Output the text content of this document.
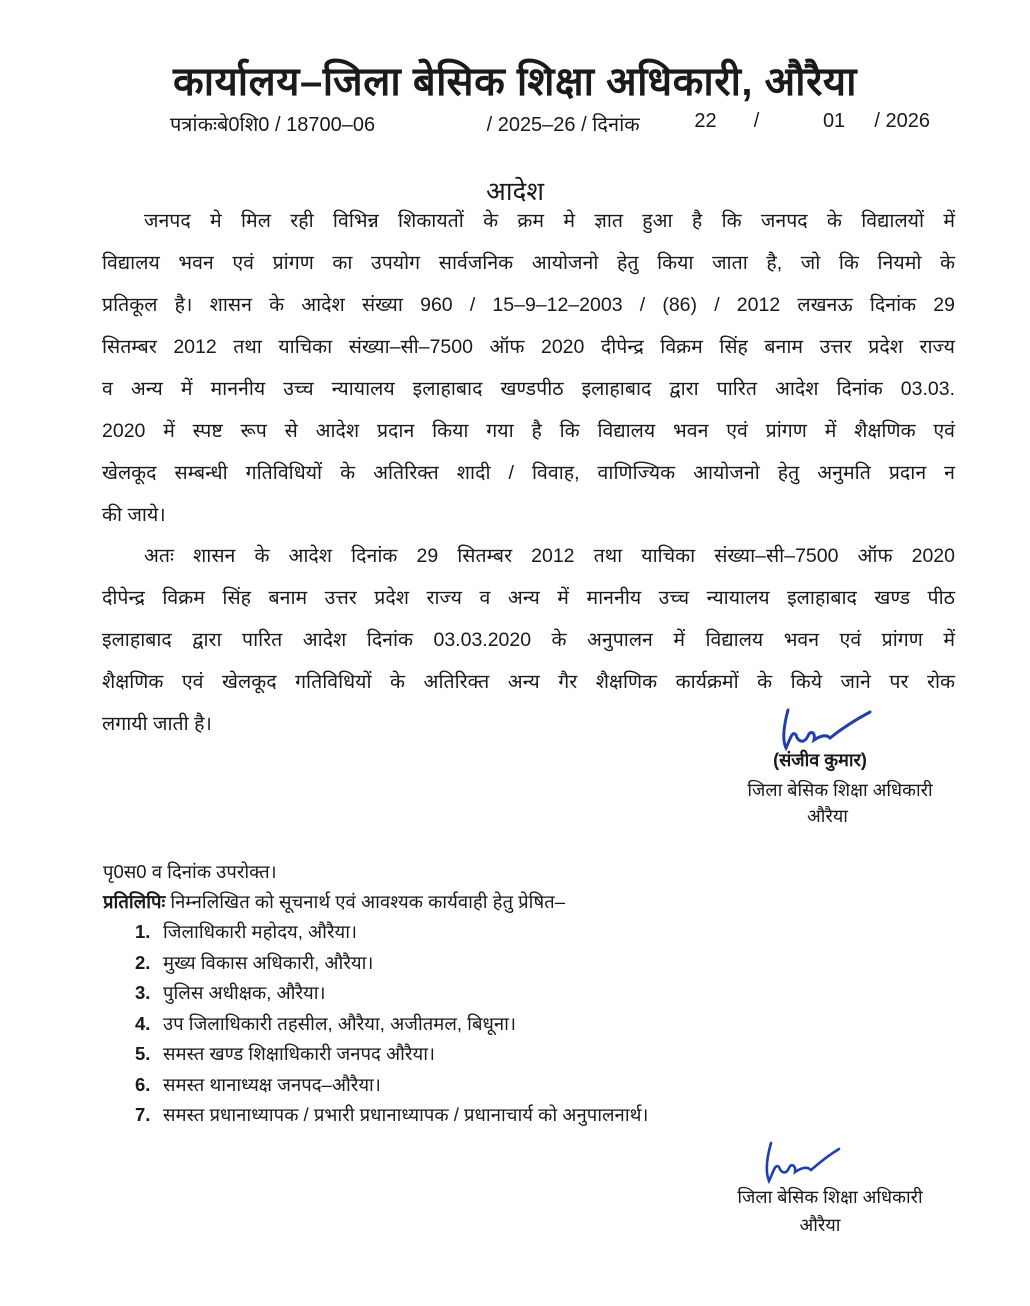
कार्यालय–जिला बेसिक शिक्षा अधिकारी, औरैया
पत्रांकःबे0शि0 / 18700–06	/ 2025–26 / दिनांक	22	/	01	/ 2026
आदेश
जनपद मे मिल रही विभिन्न शिकायतों के क्रम मे ज्ञात हुआ है कि जनपद के विद्यालयों में
विद्यालय भवन एवं प्रांगण का उपयोग सार्वजनिक आयोजनो हेतु किया जाता है, जो कि नियमो के
प्रतिकूल है। शासन के आदेश संख्या 960 / 15–9–12–2003 / (86) / 2012 लखनऊ दिनांक 29
सितम्बर 2012 तथा याचिका संख्या–सी–7500 ऑफ 2020 दीपेन्द्र विक्रम सिंह बनाम उत्तर प्रदेश राज्य
व अन्य में माननीय उच्च न्यायालय इलाहाबाद खण्डपीठ इलाहाबाद द्वारा पारित आदेश दिनांक 03.03.
2020 में स्पष्ट रूप से आदेश प्रदान किया गया है कि विद्यालय भवन एवं प्रांगण में शैक्षणिक एवं
खेलकूद सम्बन्धी गतिविधियों के अतिरिक्त शादी / विवाह, वाणिज्यिक आयोजनो हेतु अनुमति प्रदान न
की जाये।
अतः शासन के आदेश दिनांक 29 सितम्बर 2012 तथा याचिका संख्या–सी–7500 ऑफ 2020
दीपेन्द्र विक्रम सिंह बनाम उत्तर प्रदेश राज्य व अन्य में माननीय उच्च न्यायालय इलाहाबाद खण्ड पीठ
इलाहाबाद द्वारा पारित आदेश दिनांक 03.03.2020 के अनुपालन में विद्यालय भवन एवं प्रांगण में
शैक्षणिक एवं खेलकूद गतिविधियों के अतिरिक्त अन्य गैर शैक्षणिक कार्यक्रमों के किये जाने पर रोक
लगायी जाती है।
(संजीव कुमार)
जिला बेसिक शिक्षा अधिकारी
औरैया
पृ0स0 व दिनांक उपरोक्त।
प्रतिलिपिः निम्नलिखित को सूचनार्थ एवं आवश्यक कार्यवाही हेतु प्रेषित–
1. जिलाधिकारी महोदय, औरैया।
2. मुख्य विकास अधिकारी, औरैया।
3. पुलिस अधीक्षक, औरैया।
4. उप जिलाधिकारी तहसील, औरैया, अजीतमल, बिधूना।
5. समस्त खण्ड शिक्षाधिकारी जनपद औरैया।
6. समस्त थानाध्यक्ष जनपद–औरैया।
7. समस्त प्रधानाध्यापक / प्रभारी प्रधानाध्यापक / प्रधानाचार्य को अनुपालनार्थ।
जिला बेसिक शिक्षा अधिकारी
औरैया
